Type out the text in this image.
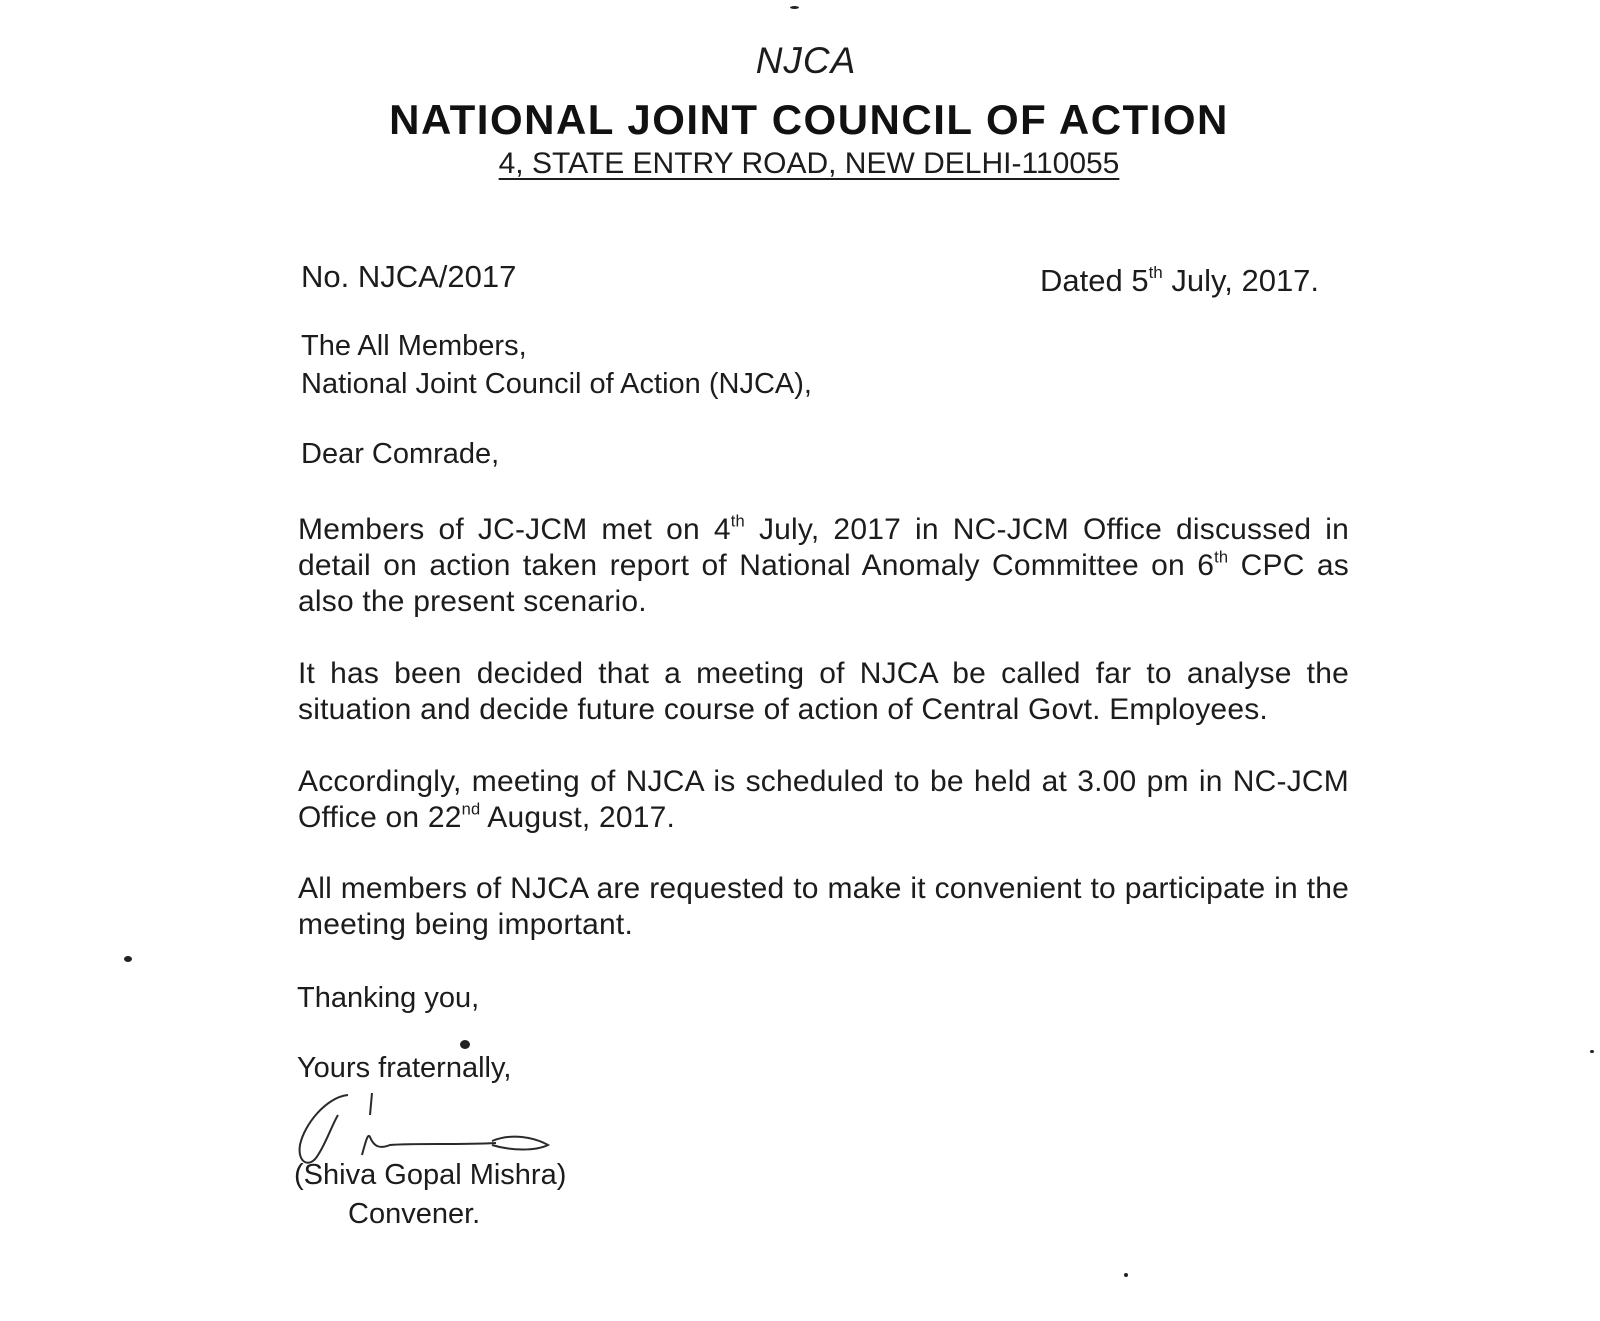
NJCA
NATIONAL JOINT COUNCIL OF ACTION
4, STATE ENTRY ROAD, NEW DELHI-110055
No. NJCA/2017	Dated 5th July, 2017.
The All Members,
National Joint Council of Action (NJCA),
Dear Comrade,
Members of JC-JCM met on 4th July, 2017 in NC-JCM Office discussed in detail on action taken report of National Anomaly Committee on 6th CPC as also the present scenario.
It has been decided that a meeting of NJCA be called far to analyse the situation and decide future course of action of Central Govt. Employees.
Accordingly, meeting of NJCA is scheduled to be held at 3.00 pm in NC-JCM Office on 22nd August, 2017.
All members of NJCA are requested to make it convenient to participate in the meeting being important.
Thanking you,
Yours fraternally,
(Shiva Gopal Mishra)
Convener.
